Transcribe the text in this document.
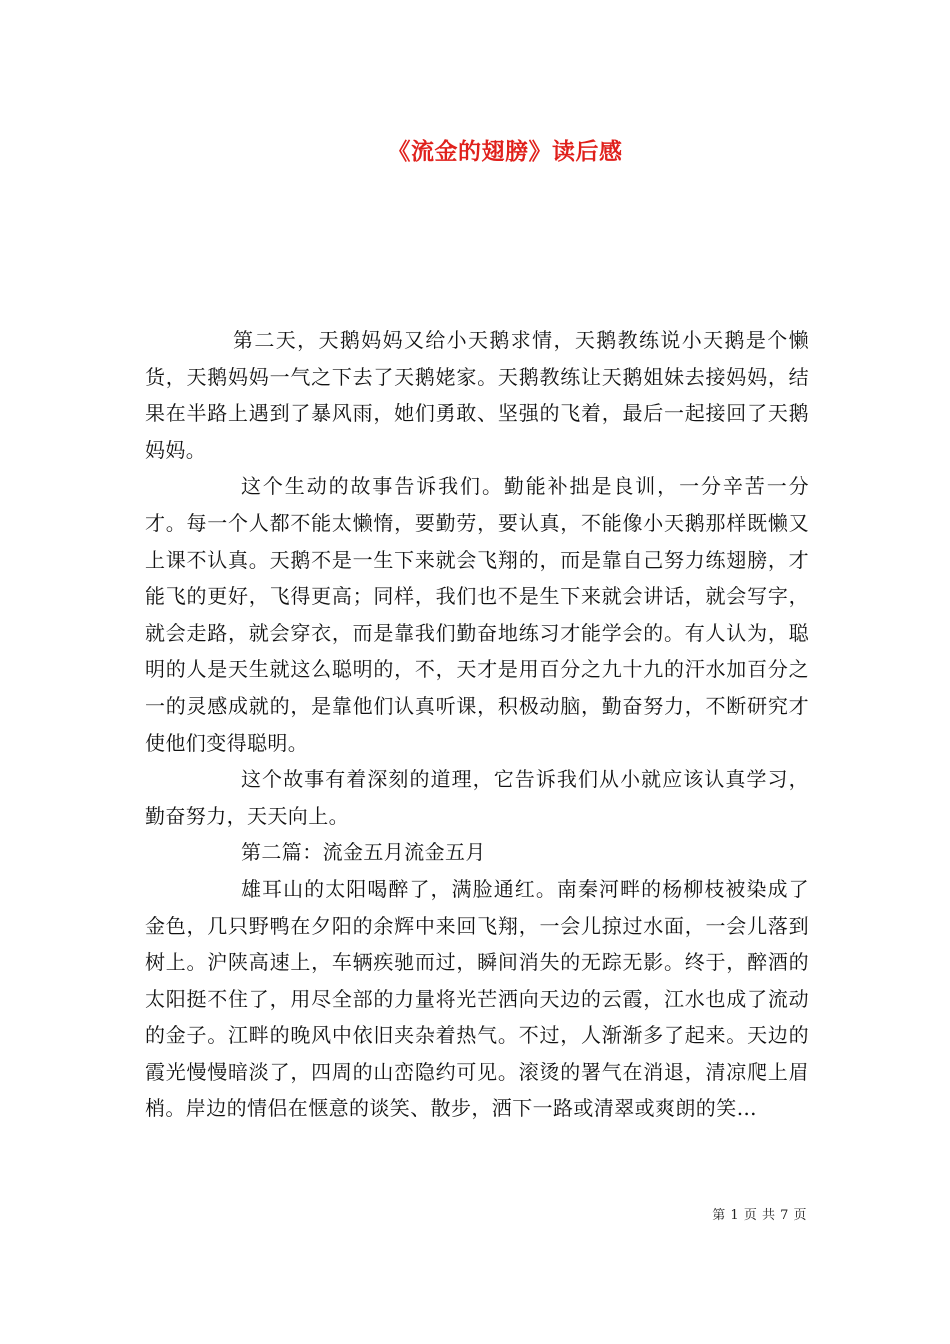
《流金的翅膀》读后感

第二天，天鹅妈妈又给小天鹅求情，天鹅教练说小天鹅是个懒货，天鹅妈妈一气之下去了天鹅姥家。天鹅教练让天鹅姐妹去接妈妈，结果在半路上遇到了暴风雨，她们勇敢、坚强的飞着，最后一起接回了天鹅妈妈。

这个生动的故事告诉我们。勤能补拙是良训，一分辛苦一分才。每一个人都不能太懒惰，要勤劳，要认真，不能像小天鹅那样既懒又上课不认真。天鹅不是一生下来就会飞翔的，而是靠自己努力练翅膀，才能飞的更好，飞得更高；同样，我们也不是生下来就会讲话，就会写字，就会走路，就会穿衣，而是靠我们勤奋地练习才能学会的。有人认为，聪明的人是天生就这么聪明的，不，天才是用百分之九十九的汗水加百分之一的灵感成就的，是靠他们认真听课，积极动脑，勤奋努力，不断研究才使他们变得聪明。

这个故事有着深刻的道理，它告诉我们从小就应该认真学习，勤奋努力，天天向上。

第二篇：流金五月流金五月

雄耳山的太阳喝醉了，满脸通红。南秦河畔的杨柳枝被染成了金色，几只野鸭在夕阳的余辉中来回飞翔，一会儿掠过水面，一会儿落到树上。沪陕高速上，车辆疾驰而过，瞬间消失的无踪无影。终于，醉酒的太阳挺不住了，用尽全部的力量将光芒洒向天边的云霞，江水也成了流动的金子。江畔的晚风中依旧夹杂着热气。不过，人渐渐多了起来。天边的霞光慢慢暗淡了，四周的山峦隐约可见。滚烫的署气在消退，清凉爬上眉梢。岸边的情侣在惬意的谈笑、散步，洒下一路或清翠或爽朗的笑…

第 1 页 共 7 页
